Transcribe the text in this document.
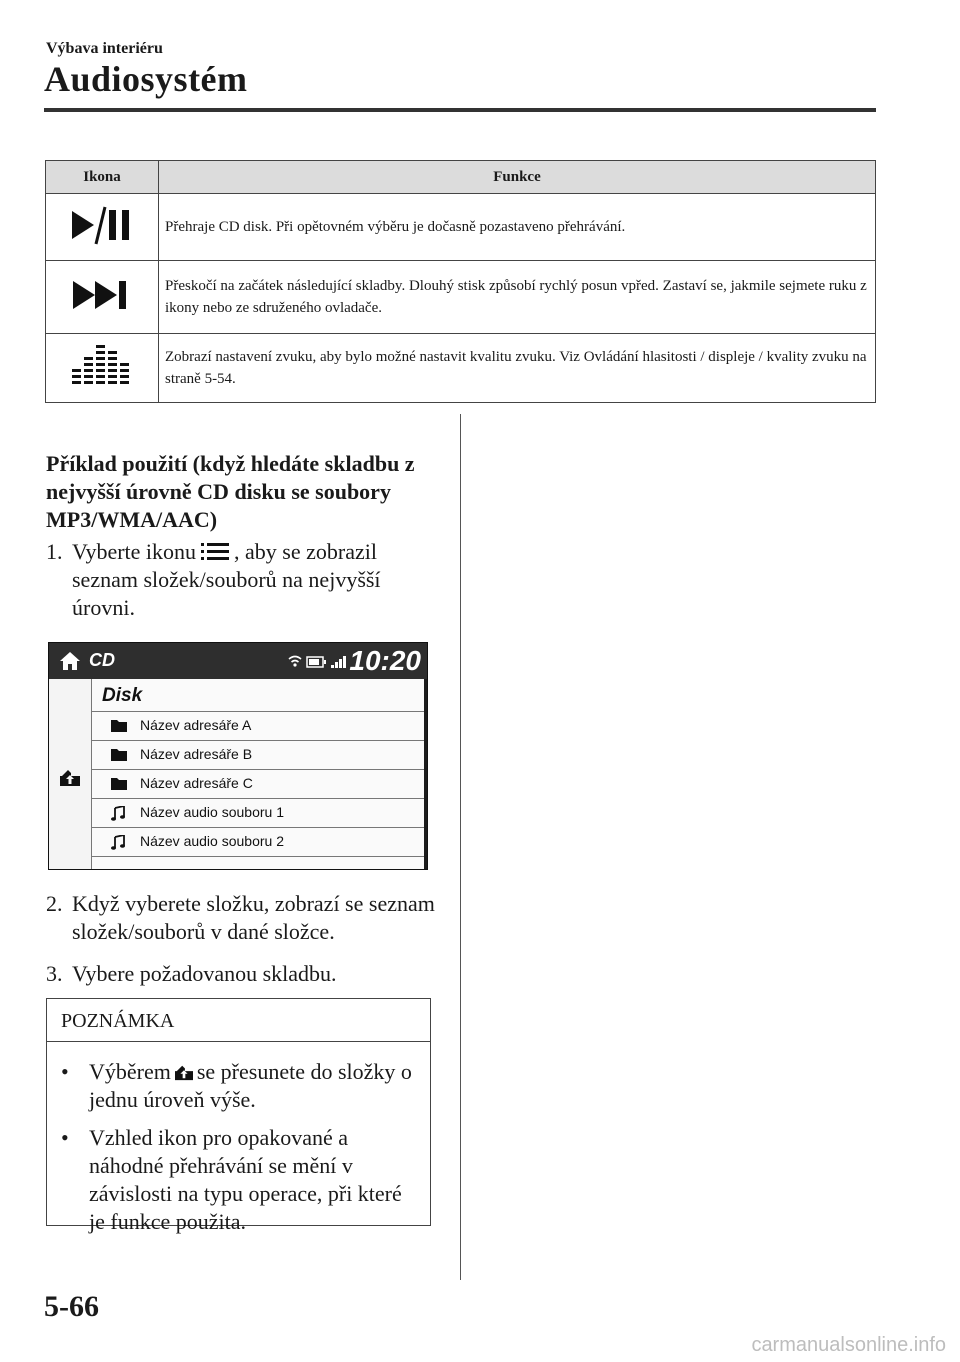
Výbava interiéru
Audiosystém
Ikona	Funkce
	Přehraje CD disk. Při opětovném výběru je dočasně pozastaveno přehrávání.
	Přeskočí na začátek následující skladby. Dlouhý stisk způsobí rychlý posun vpřed. Zastaví se, jakmile sejmete ruku z ikony nebo ze sdruženého ovladače.
	Zobrazí nastavení zvuku, aby bylo možné nastavit kvalitu zvuku. Viz Ovládání hlasitosti / displeje / kvality zvuku na straně 5-54.
Příklad použití (když hledáte skladbu z nejvyšší úrovně CD disku se soubory MP3/WMA/AAC)
1. Vyberte ikonu , aby se zobrazil seznam složek/souborů na nejvyšší úrovni.
CD	10:20
Disk
Název adresáře A
Název adresáře B
Název adresáře C
Název audio souboru 1
Název audio souboru 2
2. Když vyberete složku, zobrazí se seznam složek/souborů v dané složce.
3. Vybere požadovanou skladbu.
POZNÁMKA
• Výběrem se přesunete do složky o jednu úroveň výše.
• Vzhled ikon pro opakované a náhodné přehrávání se mění v závislosti na typu operace, při které je funkce použita.
5-66
carmanualsonline.info
